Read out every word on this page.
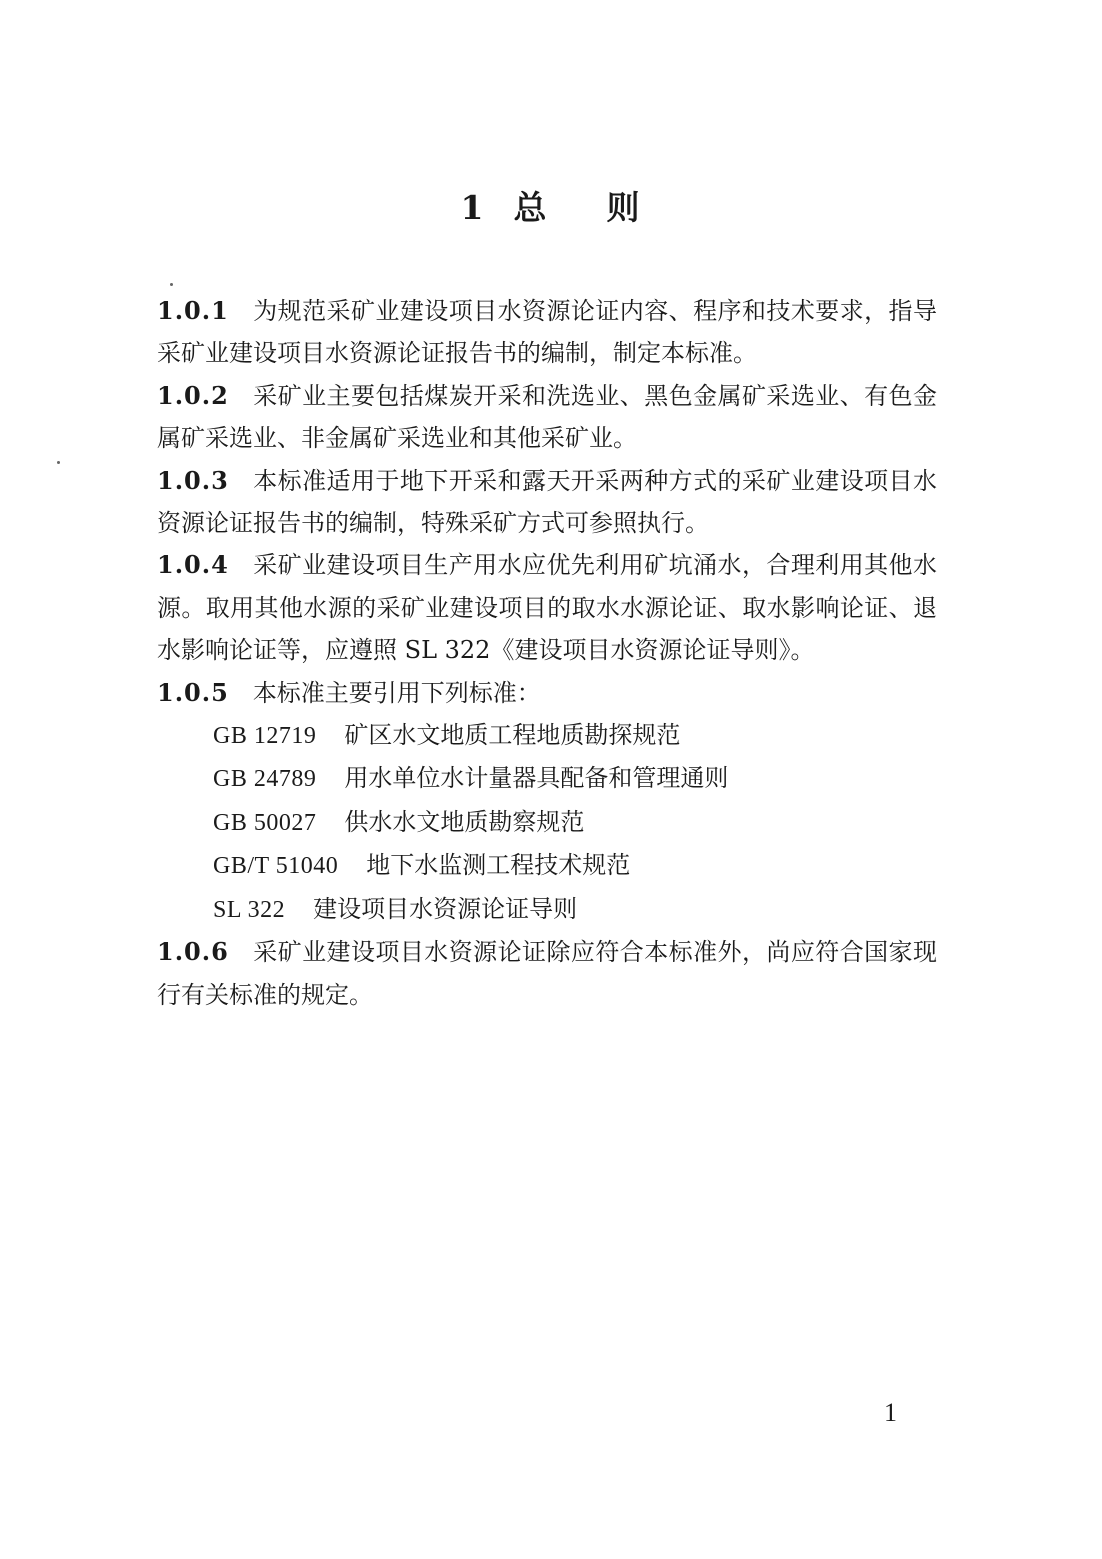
1 总 则

1.0.1 为规范采矿业建设项目水资源论证内容、程序和技术要求，指导采矿业建设项目水资源论证报告书的编制，制定本标准。

1.0.2 采矿业主要包括煤炭开采和洗选业、黑色金属矿采选业、有色金属矿采选业、非金属矿采选业和其他采矿业。

1.0.3 本标准适用于地下开采和露天开采两种方式的采矿业建设项目水资源论证报告书的编制，特殊采矿方式可参照执行。

1.0.4 采矿业建设项目生产用水应优先利用矿坑涌水，合理利用其他水源。取用其他水源的采矿业建设项目的取水水源论证、取水影响论证、退水影响论证等，应遵照 SL 322《建设项目水资源论证导则》。

1.0.5 本标准主要引用下列标准：

GB 12719 矿区水文地质工程地质勘探规范
GB 24789 用水单位水计量器具配备和管理通则
GB 50027 供水水文地质勘察规范
GB/T 51040 地下水监测工程技术规范
SL 322 建设项目水资源论证导则

1.0.6 采矿业建设项目水资源论证除应符合本标准外，尚应符合国家现行有关标准的规定。

1
